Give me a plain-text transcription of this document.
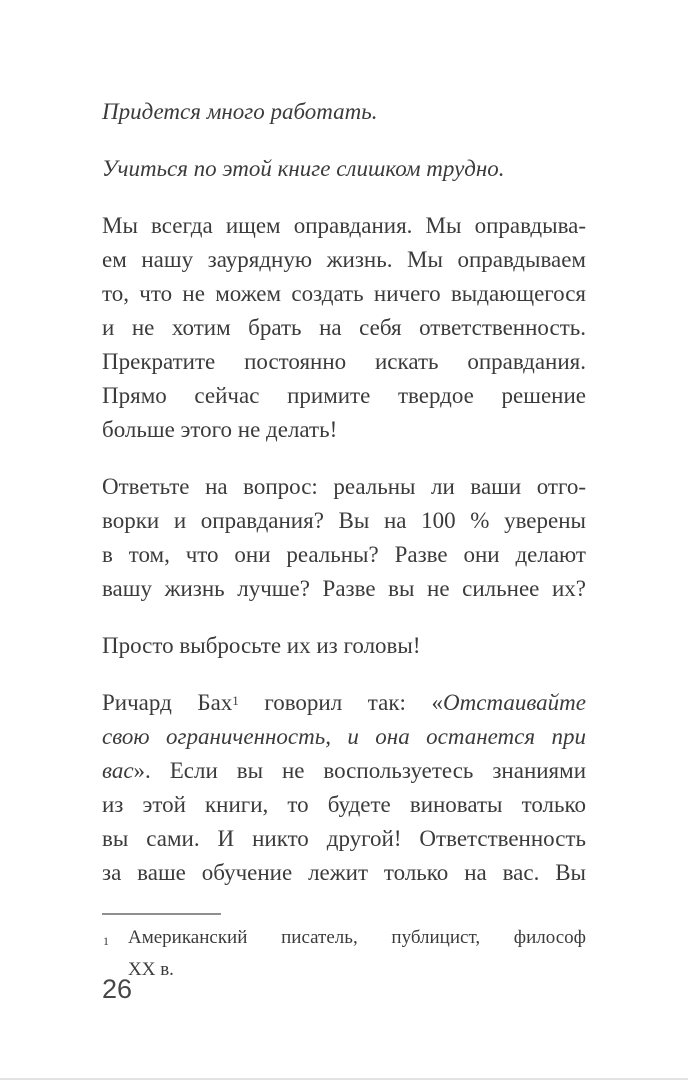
Придется много работать.
Учиться по этой книге слишком трудно.
Мы всегда ищем оправдания. Мы оправдыва-
ем нашу заурядную жизнь. Мы оправдываем
то, что не можем создать ничего выдающегося
и не хотим брать на себя ответственность.
Прекратите постоянно искать оправдания.
Прямо сейчас примите твердое решение
больше этого не делать!
Ответьте на вопрос: реальны ли ваши отго-
ворки и оправдания? Вы на 100 % уверены
в том, что они реальны? Разве они делают
вашу жизнь лучше? Разве вы не сильнее их?
Просто выбросьте их из головы!
Ричард Бах$^1$ говорил так: «Отстаивайте
свою ограниченность, и она останется при
вас». Если вы не воспользуетесь знаниями
из этой книги, то будете виноваты только
вы сами. И никто другой! Ответственность
за ваше обучение лежит только на вас. Вы
1 Американский писатель, публицист, философ
XX в.
26
